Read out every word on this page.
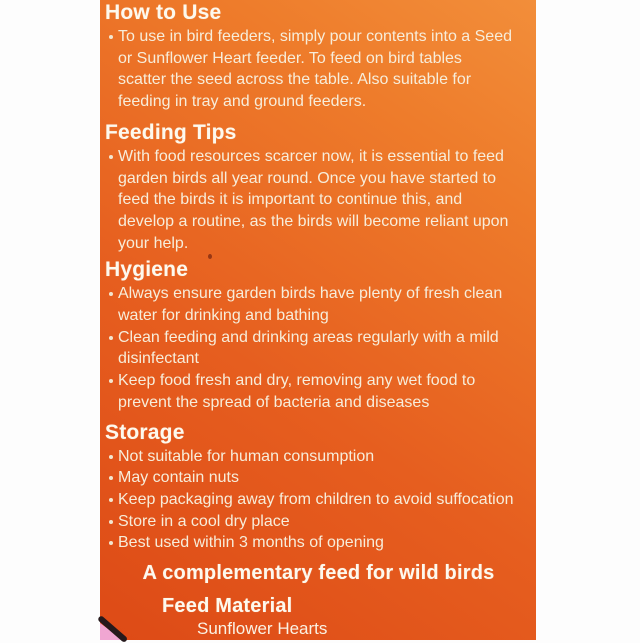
How to Use
To use in bird feeders, simply pour contents into a Seed
or Sunflower Heart feeder. To feed on bird tables
scatter the seed across the table. Also suitable for
feeding in tray and ground feeders.
Feeding Tips
With food resources scarcer now, it is essential to feed
garden birds all year round. Once you have started to
feed the birds it is important to continue this, and
develop a routine, as the birds will become reliant upon
your help.
Hygiene
Always ensure garden birds have plenty of fresh clean
water for drinking and bathing
Clean feeding and drinking areas regularly with a mild
disinfectant
Keep food fresh and dry, removing any wet food to
prevent the spread of bacteria and diseases
Storage
Not suitable for human consumption
May contain nuts
Keep packaging away from children to avoid suffocation
Store in a cool dry place
Best used within 3 months of opening
A complementary feed for wild birds
Feed Material
Sunflower Hearts
